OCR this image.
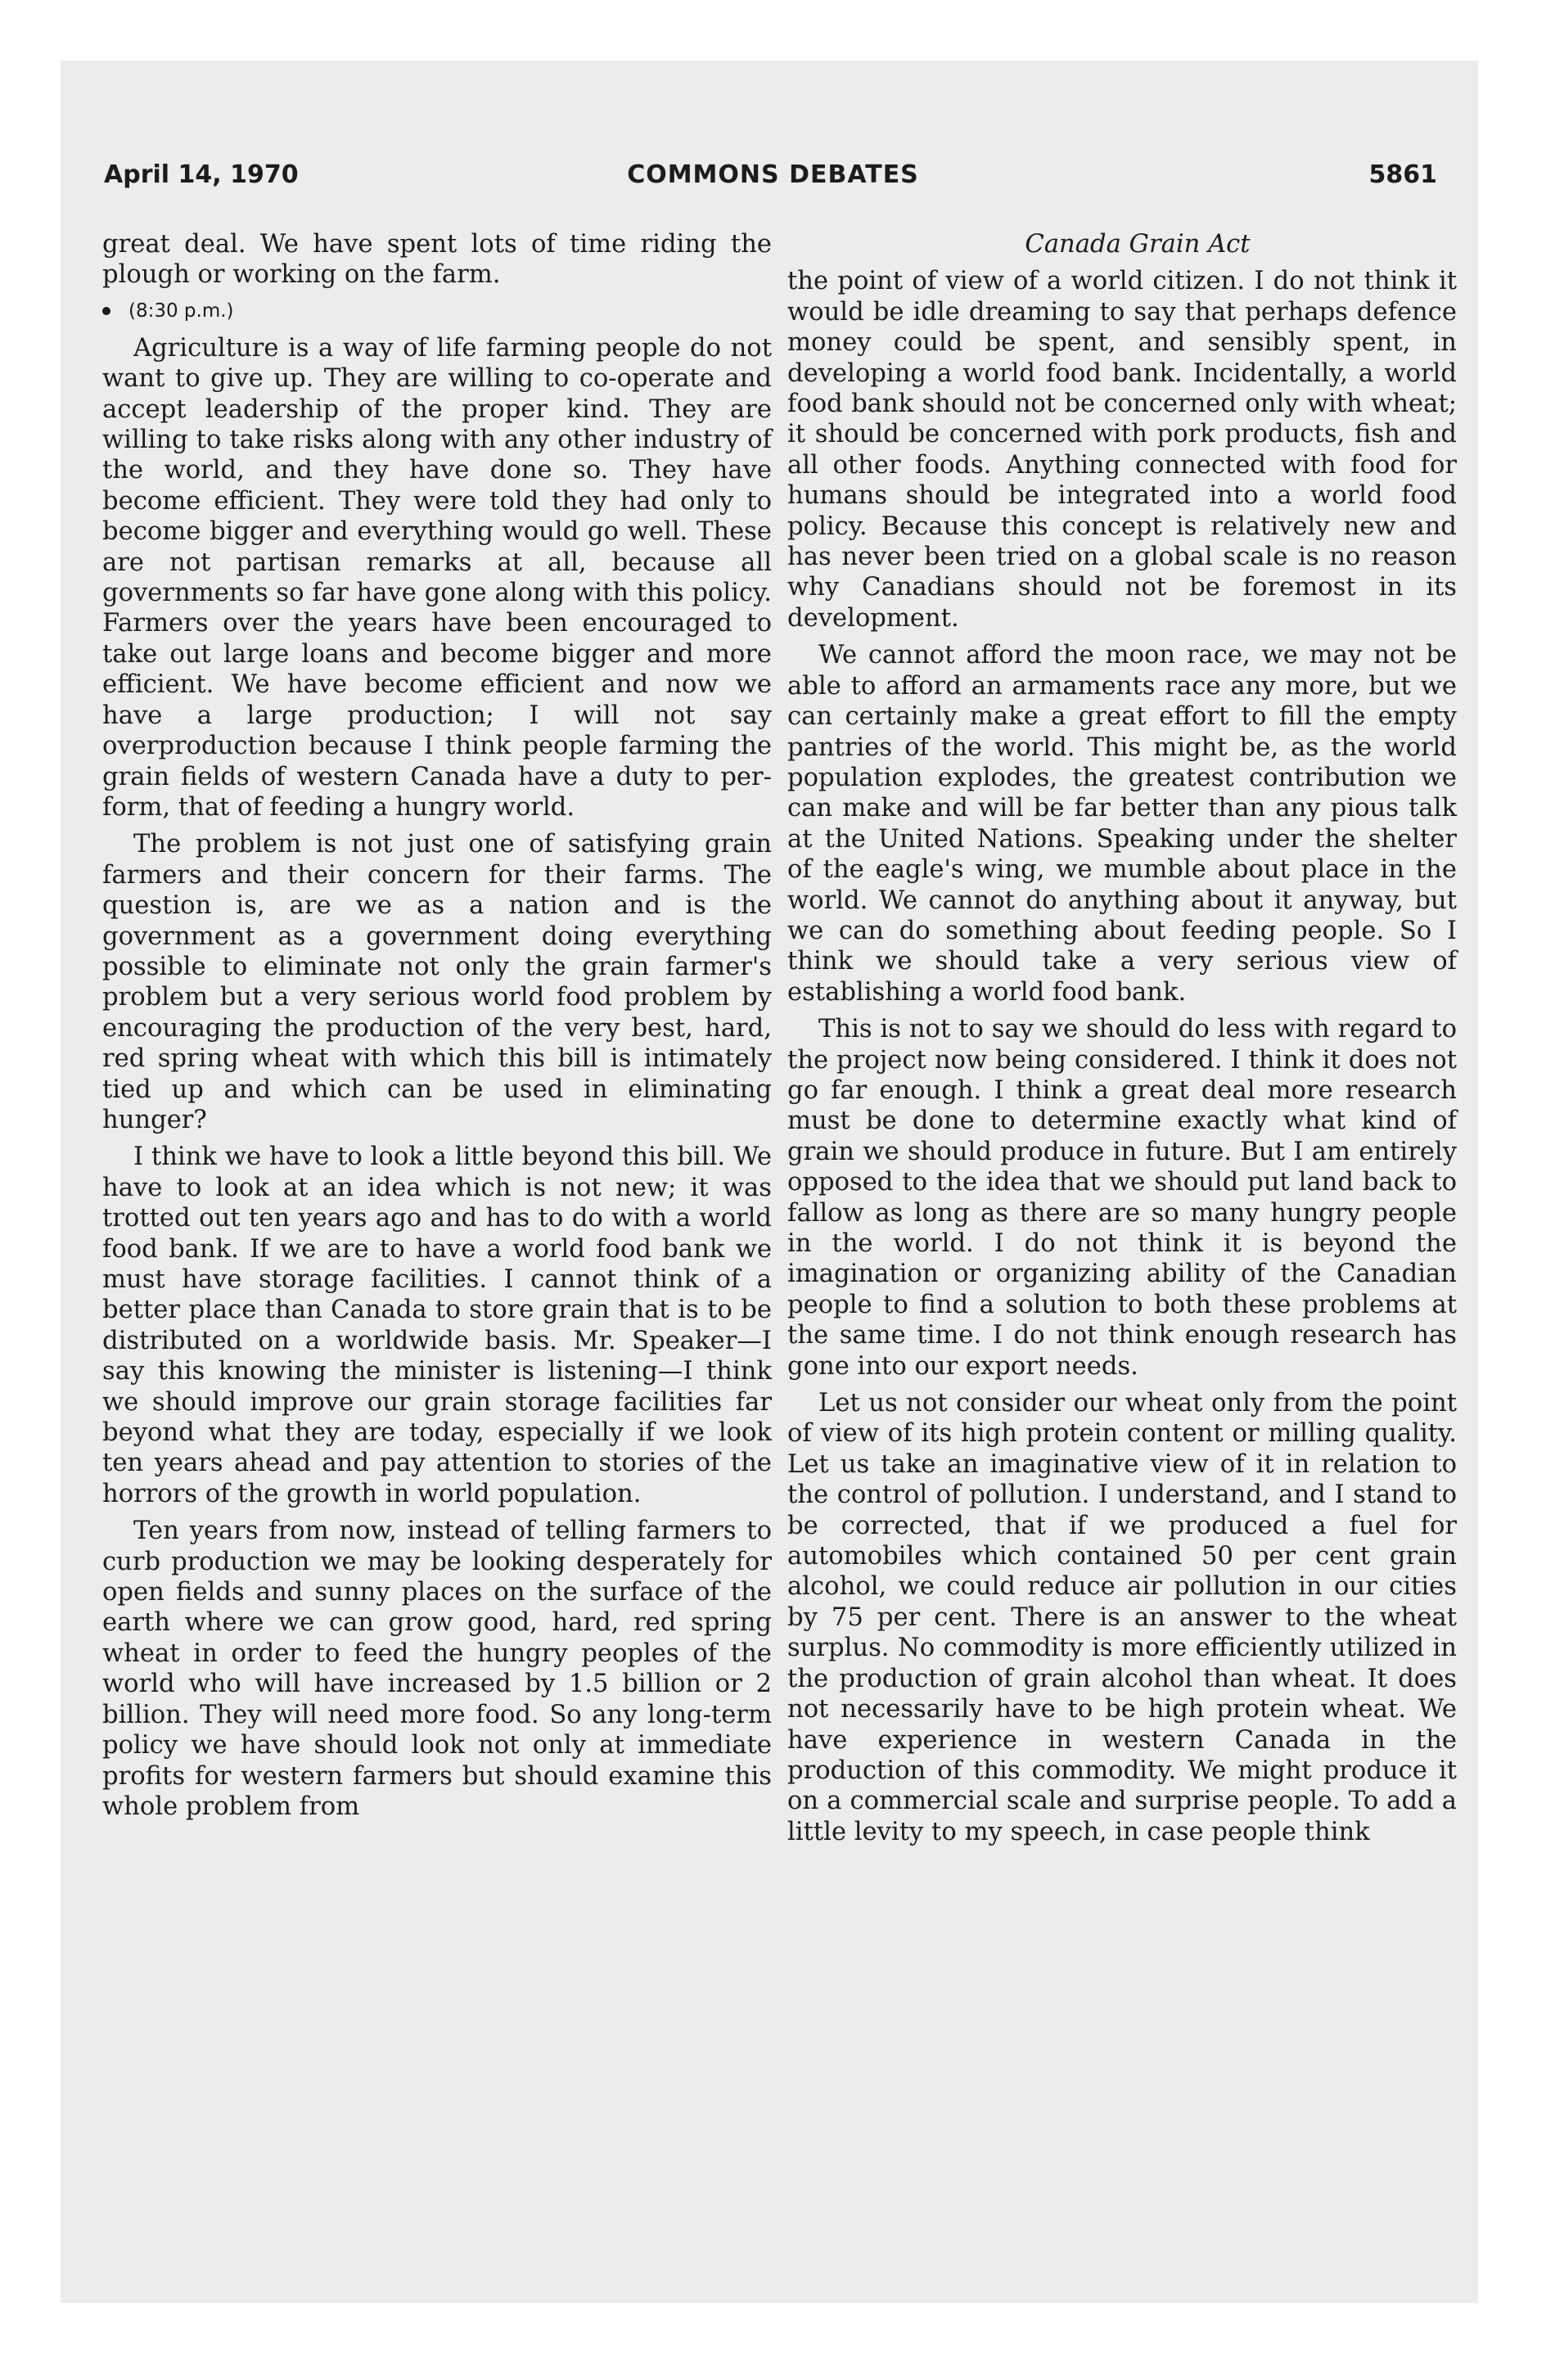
April 14, 1970	COMMONS DEBATES	5861

great deal. We have spent lots of time riding the plough or working on the farm.

(8:30 p.m.)

Agriculture is a way of life farming people do not want to give up. They are willing to co-operate and accept leadership of the proper kind. They are willing to take risks along with any other industry of the world, and they have done so. They have become efficient. They were told they had only to become bigger and everything would go well. These are not partisan remarks at all, because all governments so far have gone along with this policy. Farmers over the years have been encouraged to take out large loans and become bigger and more efficient. We have become efficient and now we have a large production; I will not say overproduction because I think people farming the grain fields of western Canada have a duty to perform, that of feeding a hungry world.

The problem is not just one of satisfying grain farmers and their concern for their farms. The question is, are we as a nation and is the government as a government doing everything possible to eliminate not only the grain farmer's problem but a very serious world food problem by encouraging the production of the very best, hard, red spring wheat with which this bill is intimately tied up and which can be used in eliminating hunger?

I think we have to look a little beyond this bill. We have to look at an idea which is not new; it was trotted out ten years ago and has to do with a world food bank. If we are to have a world food bank we must have storage facilities. I cannot think of a better place than Canada to store grain that is to be distributed on a worldwide basis. Mr. Speaker—I say this knowing the minister is listening—I think we should improve our grain storage facilities far beyond what they are today, especially if we look ten years ahead and pay attention to stories of the horrors of the growth in world population.

Ten years from now, instead of telling farmers to curb production we may be looking desperately for open fields and sunny places on the surface of the earth where we can grow good, hard, red spring wheat in order to feed the hungry peoples of the world who will have increased by 1.5 billion or 2 billion. They will need more food. So any long-term policy we have should look not only at immediate profits for western farmers but should examine this whole problem from

Canada Grain Act

the point of view of a world citizen. I do not think it would be idle dreaming to say that perhaps defence money could be spent, and sensibly spent, in developing a world food bank. Incidentally, a world food bank should not be concerned only with wheat; it should be concerned with pork products, fish and all other foods. Anything connected with food for humans should be integrated into a world food policy. Because this concept is relatively new and has never been tried on a global scale is no reason why Canadians should not be foremost in its development.

We cannot afford the moon race, we may not be able to afford an armaments race any more, but we can certainly make a great effort to fill the empty pantries of the world. This might be, as the world population explodes, the greatest contribution we can make and will be far better than any pious talk at the United Nations. Speaking under the shelter of the eagle's wing, we mumble about place in the world. We cannot do anything about it anyway, but we can do something about feeding people. So I think we should take a very serious view of establishing a world food bank.

This is not to say we should do less with regard to the project now being considered. I think it does not go far enough. I think a great deal more research must be done to determine exactly what kind of grain we should produce in future. But I am entirely opposed to the idea that we should put land back to fallow as long as there are so many hungry people in the world. I do not think it is beyond the imagination or organizing ability of the Canadian people to find a solution to both these problems at the same time. I do not think enough research has gone into our export needs.

Let us not consider our wheat only from the point of view of its high protein content or milling quality. Let us take an imaginative view of it in relation to the control of pollution. I understand, and I stand to be corrected, that if we produced a fuel for automobiles which contained 50 per cent grain alcohol, we could reduce air pollution in our cities by 75 per cent. There is an answer to the wheat surplus. No commodity is more efficiently utilized in the production of grain alcohol than wheat. It does not necessarily have to be high protein wheat. We have experience in western Canada in the production of this commodity. We might produce it on a commercial scale and surprise people. To add a little levity to my speech, in case people think
